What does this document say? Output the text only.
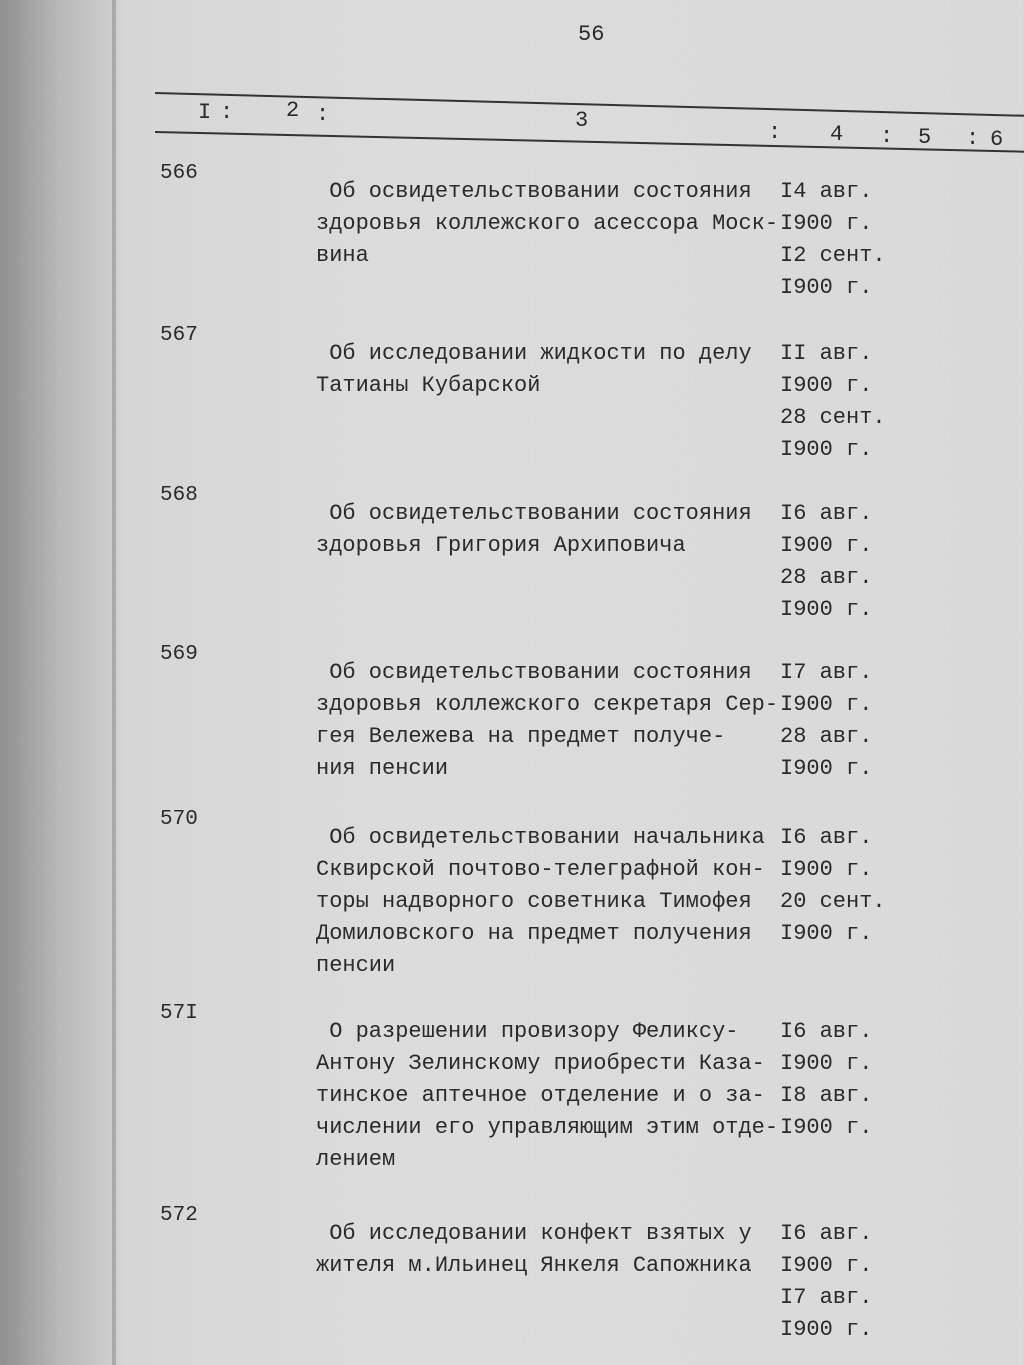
56
I : 2 :	3	: 4 : 5 : 6
566
Об освидетельствовании состояния
здоровья коллежского асессора Моск-
вина
I4 авг.
I900 г.
I2 сент.
I900 г.
567
Об исследовании жидкости по делу
Татианы Кубарской
II авг.
I900 г.
28 сент.
I900 г.
568
Об освидетельствовании состояния
здоровья Григория Архиповича
I6 авг.
I900 г.
28 авг.
I900 г.
569
Об освидетельствовании состояния
здоровья коллежского секретаря Сер-
гея Вележева на предмет получе-
ния пенсии
I7 авг.
I900 г.
28 авг.
I900 г.
570
Об освидетельствовании начальника
Сквирской почтово-телеграфной кон-
торы надворного советника Тимофея
Домиловского на предмет получения
пенсии
I6 авг.
I900 г.
20 сент.
I900 г.
57I
О разрешении провизору Феликсу-
Антону Зелинскому приобрести Каза-
тинское аптечное отделение и о за-
числении его управляющим этим отде-
лением
I6 авг.
I900 г.
I8 авг.
I900 г.
572
Об исследовании конфект взятых у
жителя м.Ильинец Янкеля Сапожника
I6 авг.
I900 г.
I7 авг.
I900 г.
